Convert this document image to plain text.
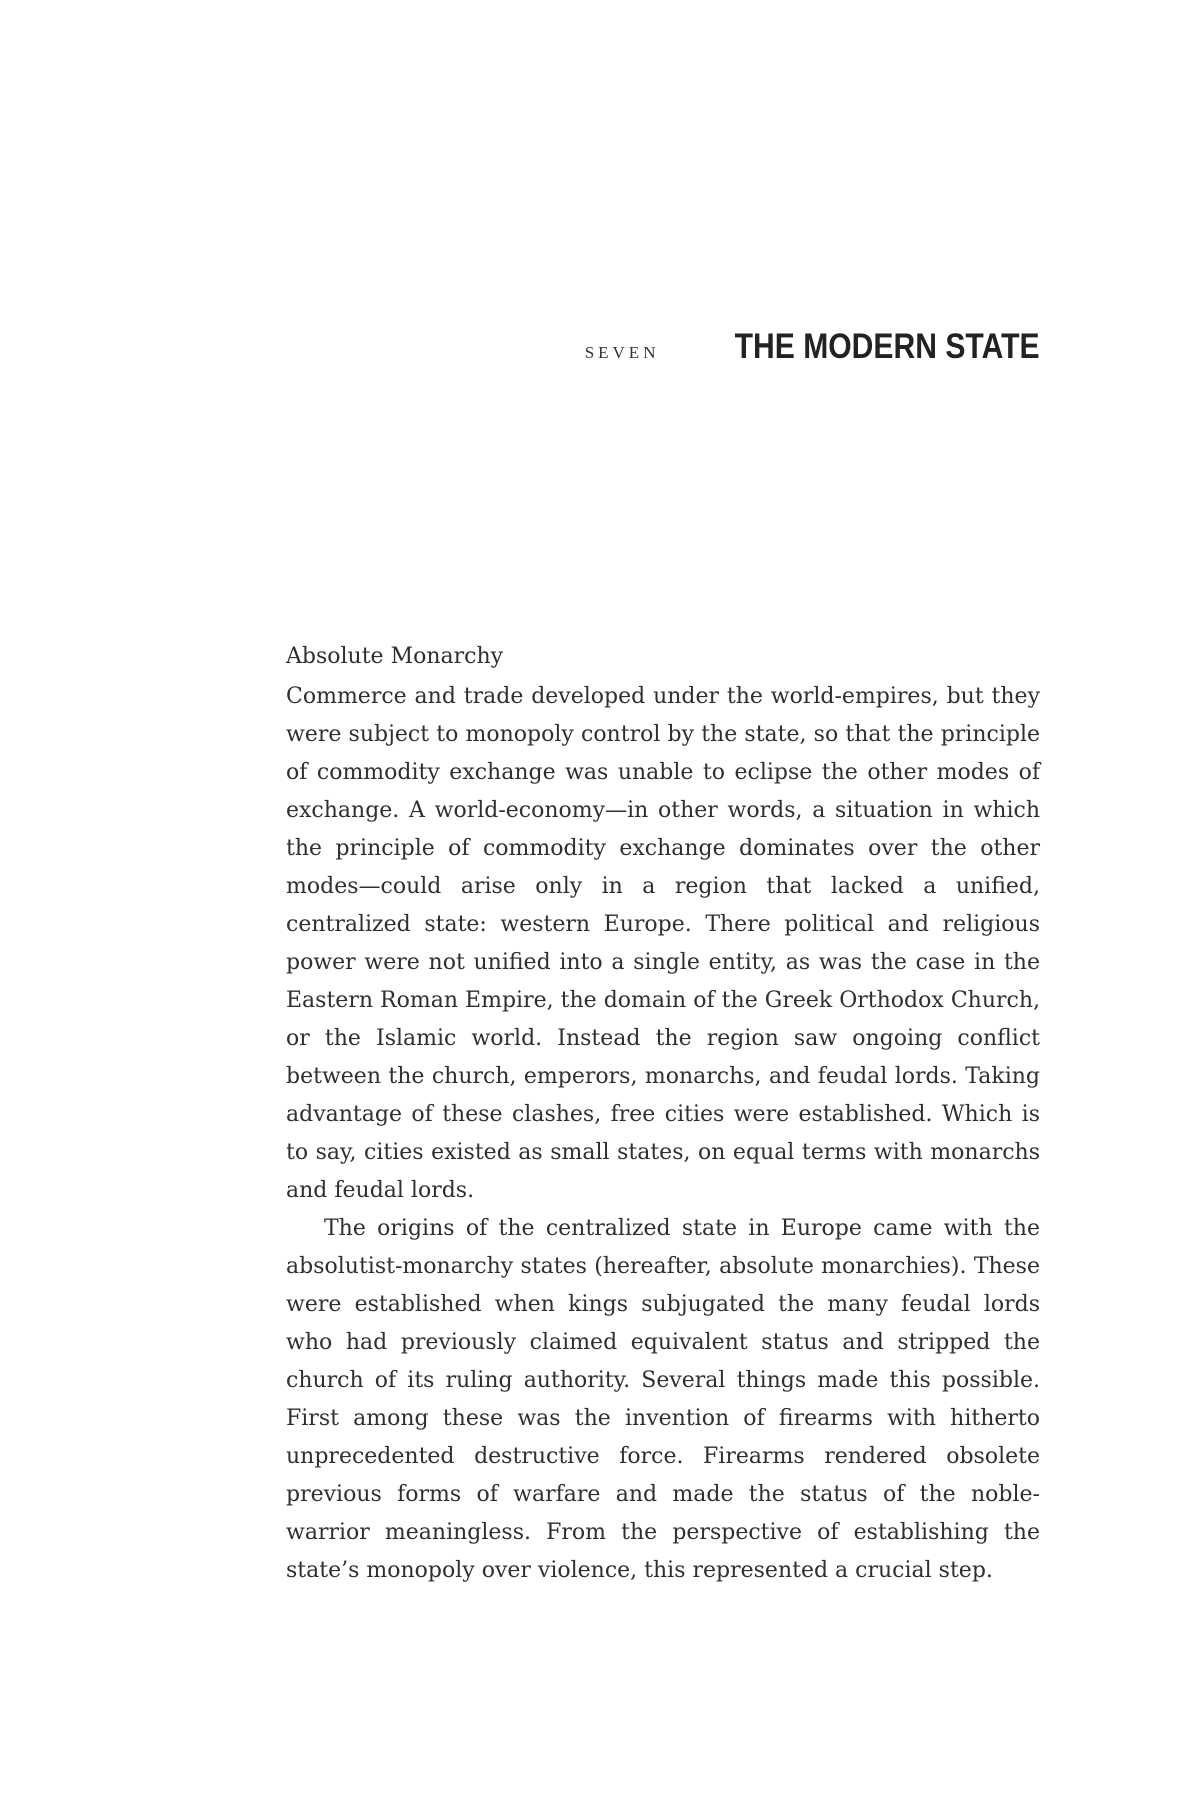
SEVEN THE MODERN STATE
Absolute Monarchy

Commerce and trade developed under the world-empires, but they were subject to monopoly control by the state, so that the principle of commodity exchange was unable to eclipse the other modes of exchange. A world-economy—in other words, a situation in which the principle of commodity exchange dominates over the other modes—could arise only in a region that lacked a unified, centralized state: western Europe. There political and religious power were not unified into a single entity, as was the case in the Eastern Roman Empire, the domain of the Greek Orthodox Church, or the Islamic world. Instead the region saw ongoing conflict between the church, emperors, monarchs, and feudal lords. Taking advantage of these clashes, free cities were established. Which is to say, cities existed as small states, on equal terms with monarchs and feudal lords.

The origins of the centralized state in Europe came with the absolutist-monarchy states (hereafter, absolute monarchies). These were established when kings subjugated the many feudal lords who had previously claimed equivalent status and stripped the church of its ruling authority. Several things made this possible. First among these was the invention of firearms with hitherto unprecedented destructive force. Firearms rendered obsolete previous forms of warfare and made the status of the noble-warrior meaningless. From the perspective of establishing the state’s monopoly over violence, this represented a crucial step.
